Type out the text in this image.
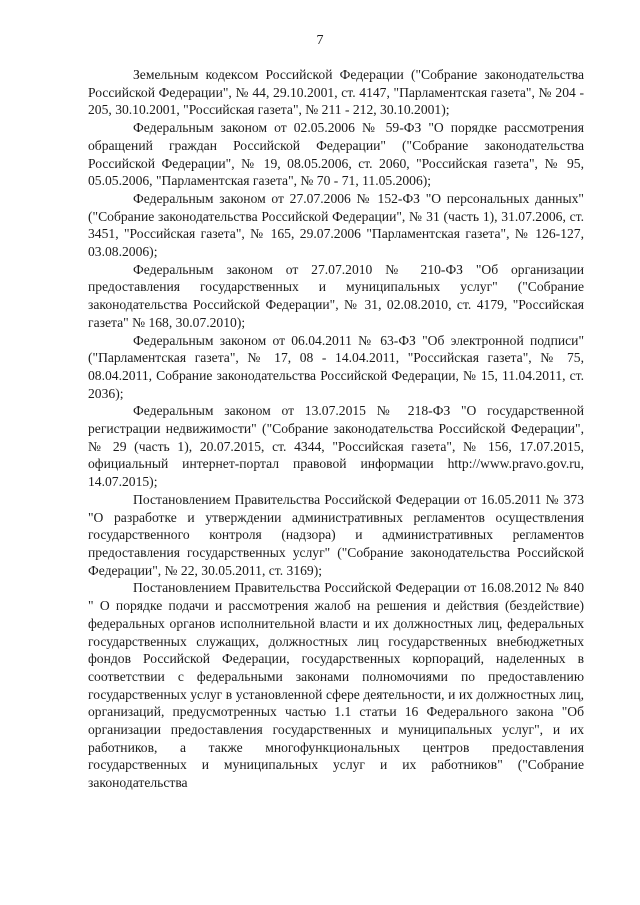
7

Земельным кодексом Российской Федерации ("Собрание законодательства Российской Федерации", № 44, 29.10.2001, ст. 4147, "Парламентская газета", № 204 - 205, 30.10.2001, "Российская газета", № 211 - 212, 30.10.2001);

Федеральным законом от 02.05.2006 № 59-ФЗ "О порядке рассмотрения обращений граждан Российской Федерации" ("Собрание законодательства Российской Федерации", № 19, 08.05.2006, ст. 2060, "Российская газета", № 95, 05.05.2006, "Парламентская газета", № 70 - 71, 11.05.2006);

Федеральным законом от 27.07.2006 № 152-ФЗ "О персональных данных" ("Собрание законодательства Российской Федерации", № 31 (часть 1), 31.07.2006, ст. 3451, "Российская газета", № 165, 29.07.2006 "Парламентская газета", № 126-127, 03.08.2006);

Федеральным законом от 27.07.2010 № 210-ФЗ "Об организации предоставления государственных и муниципальных услуг" ("Собрание законодательства Российской Федерации", № 31, 02.08.2010, ст. 4179, "Российская газета" № 168, 30.07.2010);

Федеральным законом от 06.04.2011 № 63-ФЗ "Об электронной подписи" ("Парламентская газета", № 17, 08 - 14.04.2011, "Российская газета", № 75, 08.04.2011, Собрание законодательства Российской Федерации, № 15, 11.04.2011, ст. 2036);

Федеральным законом от 13.07.2015 № 218-ФЗ "О государственной регистрации недвижимости" ("Собрание законодательства Российской Федерации", № 29 (часть 1), 20.07.2015, ст. 4344, "Российская газета", № 156, 17.07.2015, официальный интернет-портал правовой информации http://www.pravo.gov.ru, 14.07.2015);

Постановлением Правительства Российской Федерации от 16.05.2011 № 373 "О разработке и утверждении административных регламентов осуществления государственного контроля (надзора) и административных регламентов предоставления государственных услуг" ("Собрание законодательства Российской Федерации", № 22, 30.05.2011, ст. 3169);

Постановлением Правительства Российской Федерации от 16.08.2012 № 840 " О порядке подачи и рассмотрения жалоб на решения и действия (бездействие) федеральных органов исполнительной власти и их должностных лиц, федеральных государственных служащих, должностных лиц государственных внебюджетных фондов Российской Федерации, государственных корпораций, наделенных в соответствии с федеральными законами полномочиями по предоставлению государственных услуг в установленной сфере деятельности, и их должностных лиц, организаций, предусмотренных частью 1.1 статьи 16 Федерального закона "Об организации предоставления государственных и муниципальных услуг", и их работников, а также многофункциональных центров предоставления государственных и муниципальных услуг и их работников" ("Собрание законодательства
